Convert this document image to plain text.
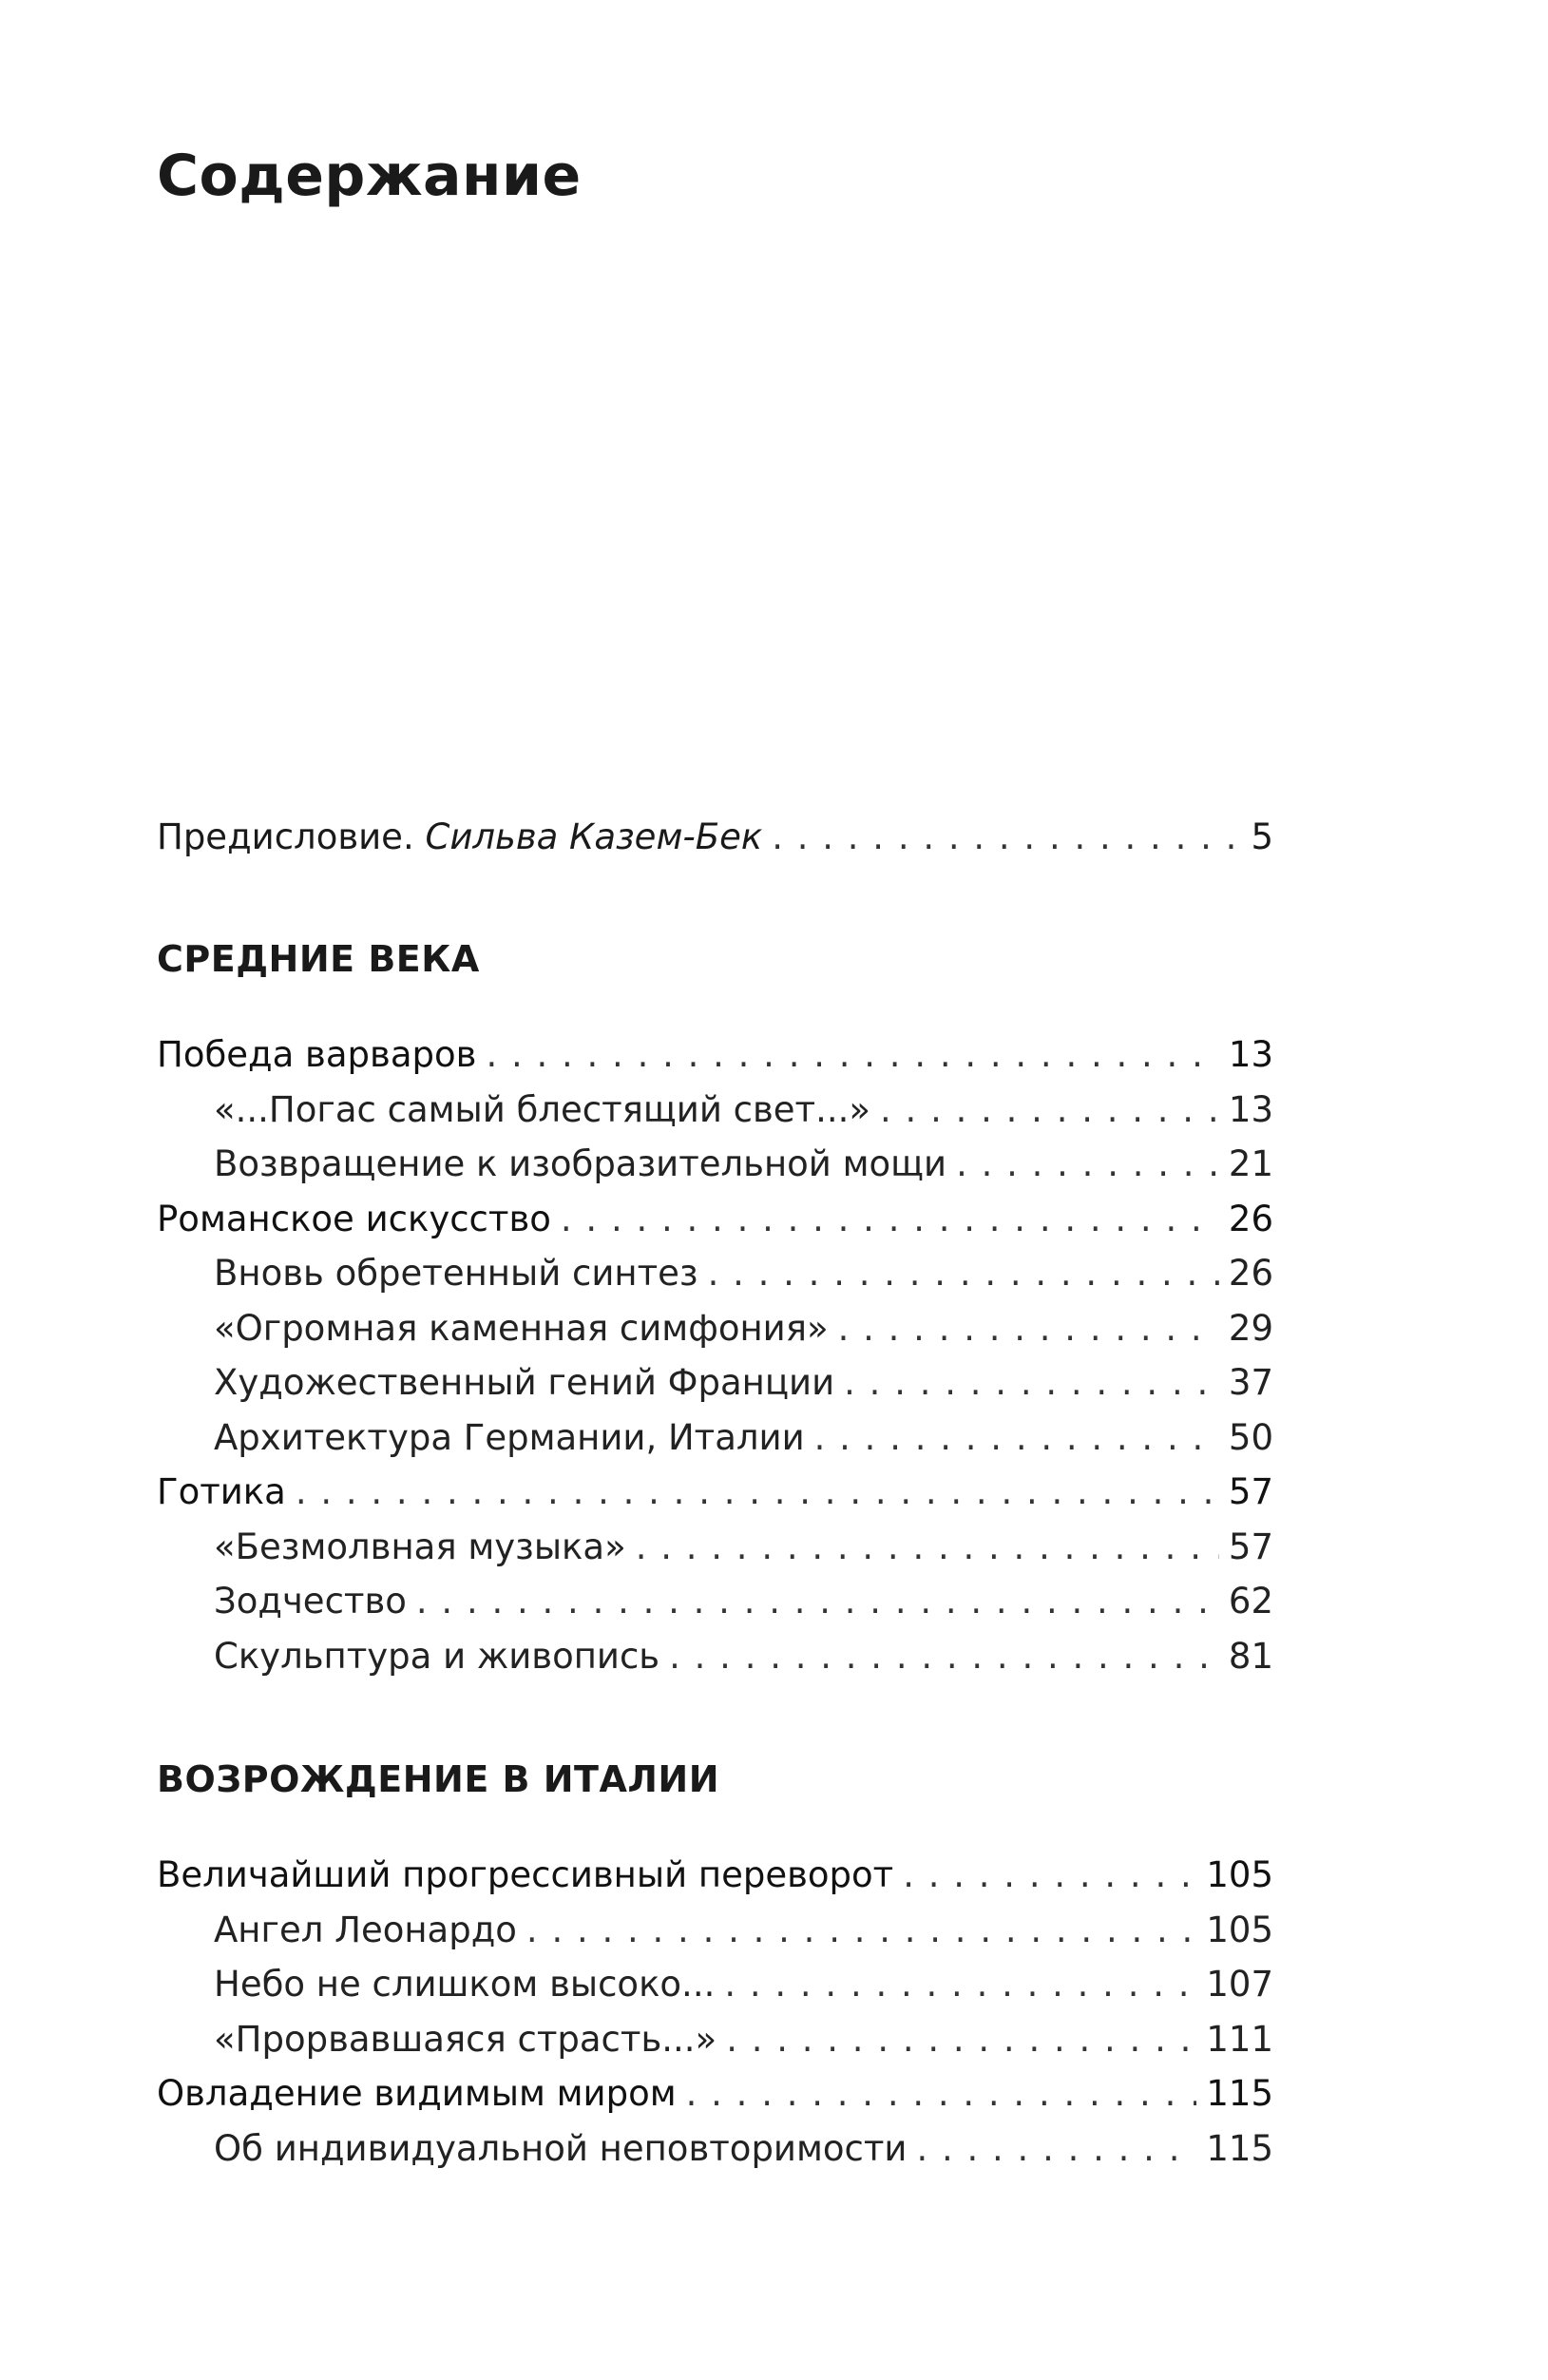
Содержание
Предисловие. Сильва Казем-Бек . . .	5
СРЕДНИЕ ВЕКА
Победа варваров . . .	13
«...Погас самый блестящий свет...» . . .	13
Возвращение к изобразительной мощи . . .	21
Романское искусство . . .	26
Вновь обретенный синтез . . .	26
«Огромная каменная симфония» . . .	29
Художественный гений Франции . . .	37
Архитектура Германии, Италии . . .	50
Готика . . .	57
«Безмолвная музыка» . . .	57
Зодчество . . .	62
Скульптура и живопись . . .	81
ВОЗРОЖДЕНИЕ В ИТАЛИИ
Величайший прогрессивный переворот . . .	105
Ангел Леонардо . . .	105
Небо не слишком высоко... . . .	107
«Прорвавшаяся страсть...» . . .	111
Овладение видимым миром . . .	115
Об индивидуальной неповторимости . . .	115
